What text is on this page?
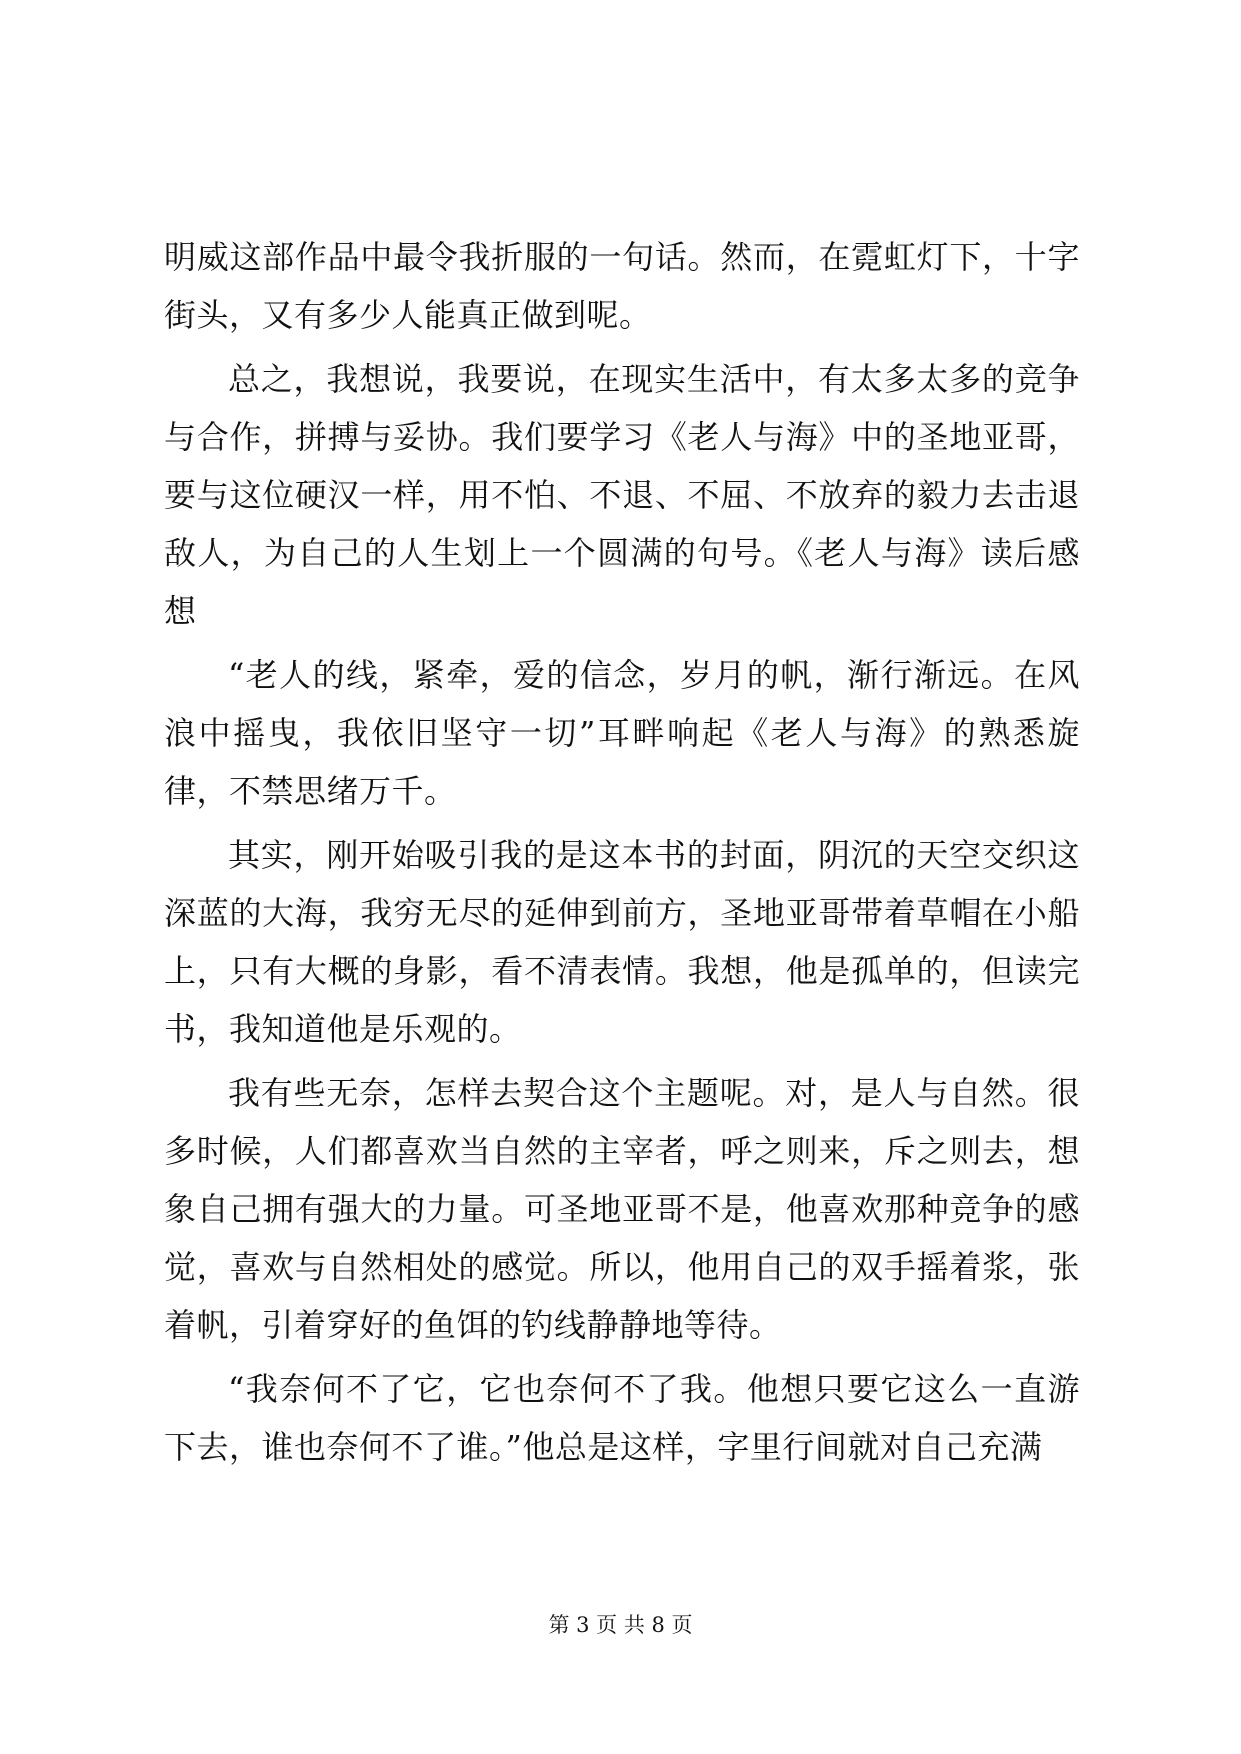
明威这部作品中最令我折服的一句话。然而，在霓虹灯下，十字街头，又有多少人能真正做到呢。

总之，我想说，我要说，在现实生活中，有太多太多的竞争与合作，拼搏与妥协。我们要学习《老人与海》中的圣地亚哥，要与这位硬汉一样，用不怕、不退、不屈、不放弃的毅力去击退敌人，为自己的人生划上一个圆满的句号。《老人与海》读后感想

“老人的线，紧牵，爱的信念，岁月的帆，渐行渐远。在风浪中摇曳，我依旧坚守一切”耳畔响起《老人与海》的熟悉旋律，不禁思绪万千。

其实，刚开始吸引我的是这本书的封面，阴沉的天空交织这深蓝的大海，我穷无尽的延伸到前方，圣地亚哥带着草帽在小船上，只有大概的身影，看不清表情。我想，他是孤单的，但读完书，我知道他是乐观的。

我有些无奈，怎样去契合这个主题呢。对，是人与自然。很多时候，人们都喜欢当自然的主宰者，呼之则来，斥之则去，想象自己拥有强大的力量。可圣地亚哥不是，他喜欢那种竞争的感觉，喜欢与自然相处的感觉。所以，他用自己的双手摇着浆，张着帆，引着穿好的鱼饵的钓线静静地等待。

“我奈何不了它，它也奈何不了我。他想只要它这么一直游下去，谁也奈何不了谁。”他总是这样，字里行间就对自己充满

第 3 页 共 8 页
